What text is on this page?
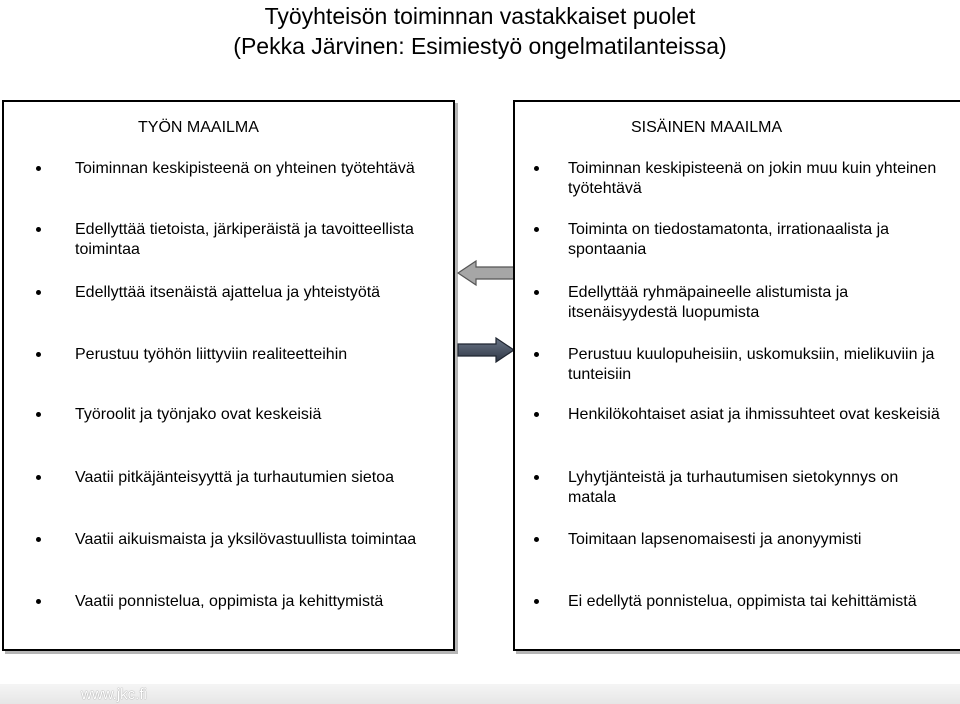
Työyhteisön toiminnan vastakkaiset puolet
(Pekka Järvinen: Esimiestyö ongelmatilanteissa)
TYÖN MAAILMA
Toiminnan keskipisteenä on yhteinen työtehtävä
Edellyttää tietoista, järkiperäistä ja tavoitteellista toimintaa
Edellyttää itsenäistä ajattelua ja yhteistyötä
Perustuu työhön liittyviin realiteetteihin
Työroolit ja työnjako ovat keskeisiä
Vaatii pitkäjänteisyyttä ja turhautumien sietoa
Vaatii aikuismaista ja yksilövastuullista toimintaa
Vaatii ponnistelua, oppimista ja kehittymistä
SISÄINEN MAAILMA
Toiminnan keskipisteenä on jokin muu kuin yhteinen työtehtävä
Toiminta on tiedostamatonta, irrationaalista ja spontaania
Edellyttää ryhmäpaineelle alistumista ja itsenäisyydestä luopumista
Perustuu kuulopuheisiin, uskomuksiin, mielikuviin ja tunteisiin
Henkilökohtaiset asiat ja ihmissuhteet ovat keskeisiä
Lyhytjänteistä ja turhautumisen sietokynnys on matala
Toimitaan lapsenomaisesti ja anonyymisti
Ei edellytä ponnistelua, oppimista tai kehittämistä
www.jkc.fi
